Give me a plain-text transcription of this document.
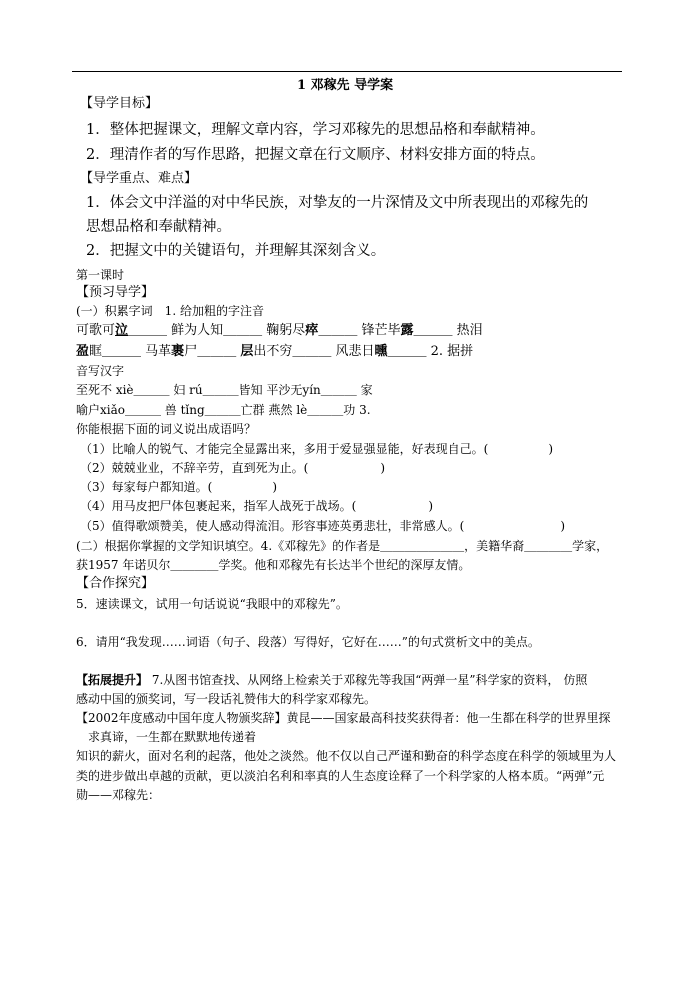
1 邓稼先 导学案
【导学目标】
1．整体把握课文，理解文章内容，学习邓稼先的思想品格和奉献精神。
2．理清作者的写作思路，把握文章在行文顺序、材料安排方面的特点。
【导学重点、难点】
1．体会文中洋溢的对中华民族，对挚友的一片深情及文中所表现出的邓稼先的
思想品格和奉献精神。
2．把握文中的关键语句，并理解其深刻含义。
第一课时
【预习导学】
(一）积累字词　1. 给加粗的字注音
可歌可泣＿＿＿ 鲜为人知＿＿＿ 鞠躬尽瘁＿＿＿ 锋芒毕露＿＿＿ 热泪
盈眶＿＿＿ 马革裹尸＿＿＿ 层出不穷＿＿＿ 风悲日曛＿＿＿ 2. 据拼
音写汉字
至死不 xiè＿＿＿ 妇 rú＿＿＿皆知 平沙无yín＿＿＿ 家
喻户xiǎo＿＿＿ 兽 tǐng＿＿＿亡群 燕然 lè＿＿＿功 3.
你能根据下面的词义说出成语吗？
（1）比喻人的锐气、才能完全显露出来，多用于爱显强显能，好表现自己。(　　　　　)
（2）兢兢业业，不辞辛劳，直到死为止。(　　　　　　)
（3）每家每户都知道。(　　　　　)
（4）用马皮把尸体包裹起来，指军人战死于战场。(　　　　　　)
（5）值得歌颂赞美，使人感动得流泪。形容事迹英勇悲壮，非常感人。(　　　　　　　　)
(二）根据你掌握的文学知识填空。4.《邓稼先》的作者是＿＿＿＿＿＿＿，美籍华裔＿＿＿＿学家，
获1957 年诺贝尔＿＿＿＿学奖。他和邓稼先有长达半个世纪的深厚友情。
【合作探究】
5．速读课文，试用一句话说说“我眼中的邓稼先”。
6．请用“我发现……词语（句子、段落）写得好，它好在……”的句式赏析文中的美点。
【拓展提升】 7.从图书馆查找、从网络上检索关于邓稼先等我国“两弹一星”科学家的资料， 仿照
感动中国的颁奖词，写一段话礼赞伟大的科学家邓稼先。
【2002年度感动中国年度人物颁奖辞】黄昆——国家最高科技奖获得者：他一生都在科学的世界里探
求真谛，一生都在默默地传递着
知识的薪火，面对名利的起落，他处之淡然。他不仅以自己严谨和勤奋的科学态度在科学的领域里为人
类的进步做出卓越的贡献，更以淡泊名利和率真的人生态度诠释了一个科学家的人格本质。“两弹”元
勋——邓稼先：
